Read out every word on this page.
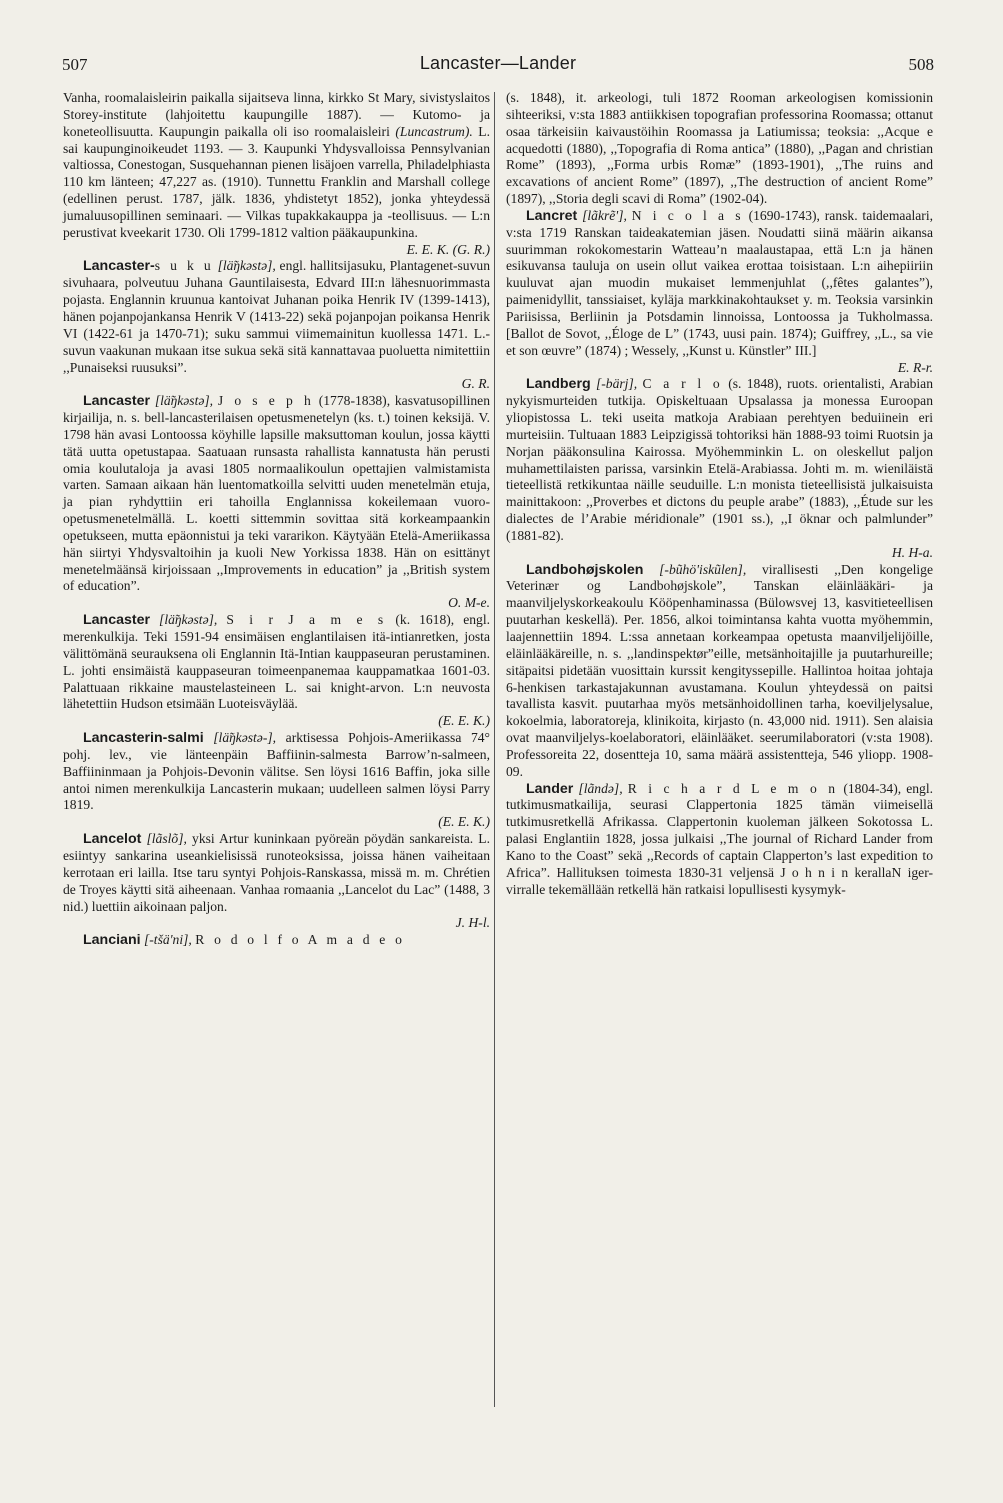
507	Lancaster—Lander	508

Vanha, roomalaisleirin paikalla sijaitseva linna, kirkko St Mary, sivistyslaitos Storey-institute (lahjoitettu kaupungille 1887). — Kutomo- ja koneteollisuutta. Kaupungin paikalla oli iso roomalaisleiri (Luncastrum). L. sai kaupunginoikeudet 1193. — 3. Kaupunki Yhdysvalloissa Pennsylvanian valtiossa, Conestogan, Susquehannan pienen lisäjoen varrella, Philadelphiasta 110 km länteen; 47,227 as. (1910). Tunnettu Franklin and Marshall college (edellinen perust. 1787, jälk. 1836, yhdistetyt 1852), jonka yhteydessä jumaluusopillinen seminaari. — Vilkas tupakkakauppa ja -teollisuus. — L:n perustivat kveekarit 1730. Oli 1799-1812 valtion pääkaupunkina.
E. E. K. (G. R.)

Lancaster-s u k u [lä̃ŋkəstə], engl. hallitsijasuku, Plantagenet-suvun sivuhaara, polveutuu Juhana Gauntilaisesta, Edvard III:n lähesnuorimmasta pojasta. Englannin kruunua kantoivat Juhanan poika Henrik IV (1399-1413), hänen pojanpojankansa Henrik V (1413-22) sekä pojanpojan poikansa Henrik VI (1422-61 ja 1470-71); suku sammui viimemainitun kuollessa 1471. L.-suvun vaakunan mukaan itse sukua sekä sitä kannattavaa puoluetta nimitettiin ,,Punaiseksi ruusuksi”.
G. R.

Lancaster [lä̃ŋkəstə], J o s e p h (1778-1838), kasvatusopillinen kirjailija, n. s. bell-lancasterilaisen opetusmenetelyn (ks. t.) toinen keksijä. V. 1798 hän avasi Lontoossa köyhille lapsille maksuttoman koulun, jossa käytti tätä uutta opetustapaa. Saatuaan runsasta rahallista kannatusta hän perusti omia koulutaloja ja avasi 1805 normaalikoulun opettajien valmistamista varten. Samaan aikaan hän luentomatkoilla selvitti uuden menetelmän etuja, ja pian ryhdyttiin eri tahoilla Englannissa kokeilemaan vuoro-opetusmenetelmällä. L. koetti sittemmin sovittaa sitä korkeampaankin opetukseen, mutta epäonnistui ja teki vararikon. Käytyään Etelä-Ameriikassa hän siirtyi Yhdysvaltoihin ja kuoli New Yorkissa 1838. Hän on esittänyt menetelmäänsä kirjoissaan ,,Improvements in education” ja ,,British system of education”.
O. M-e.

Lancaster [lä̃ŋkəstə], S i r J a m e s (k. 1618), engl. merenkulkija. Teki 1591-94 ensimäisen englantilaisen itä-intianretken, josta välittömänä seurauksena oli Englannin Itä-Intian kauppaseuran perustaminen. L. johti ensimäistä kauppaseuran toimeenpanemaa kauppamatkaa 1601-03. Palattuaan rikkaine maustelasteineen L. sai knight-arvon. L:n neuvosta lähetettiin Hudson etsimään Luoteisväylää.
(E. E. K.)

Lancasterin-salmi [lä̃ŋkəstə-], arktisessa Pohjois-Ameriikassa 74° pohj. lev., vie länteenpäin Baffiinin-salmesta Barrow’n-salmeen, Baffiininmaan ja Pohjois-Devonin välitse. Sen löysi 1616 Baffin, joka sille antoi nimen merenkulkija Lancasterin mukaan; uudelleen salmen löysi Parry 1819.
(E. E. K.)

Lancelot [lãslõ], yksi Artur kuninkaan pyöreän pöydän sankareista. L. esiintyy sankarina useankielisissä runoteoksissa, joissa hänen vaiheitaan kerrotaan eri lailla. Itse taru syntyi Pohjois-Ranskassa, missä m. m. Chrétien de Troyes käytti sitä aiheenaan. Vanhaa romaania ,,Lancelot du Lac” (1488, 3 nid.) luettiin aikoinaan paljon.
J. H-l.

Lanciani [-tšä'ni], R o d o l f o A m a d e o

(s. 1848), it. arkeologi, tuli 1872 Rooman arkeologisen komissionin sihteeriksi, v:sta 1883 antiikkisen topografian professorina Roomassa; ottanut osaa tärkeisiin kaivaustöihin Roomassa ja Latiumissa; teoksia: ,,Acque e acquedotti (1880), ,,Topografia di Roma antica” (1880), ,,Pagan and christian Rome” (1893), ,,Forma urbis Romæ” (1893-1901), ,,The ruins and excavations of ancient Rome” (1897), ,,The destruction of ancient Rome” (1897), ,,Storia degli scavi di Roma” (1902-04).

Lancret [lãkrẽ'], N i c o l a s (1690-1743), ransk. taidemaalari, v:sta 1719 Ranskan taideakatemian jäsen. Noudatti siinä määrin aikansa suurimman rokokomestarin Watteau’n maalaustapaa, että L:n ja hänen esikuvansa tauluja on usein ollut vaikea erottaa toisistaan. L:n aihepiiriin kuuluvat ajan muodin mukaiset lemmenjuhlat (,,fêtes galantes”), paimenidyllit, tanssiaiset, kyläja markkinakohtaukset y. m. Teoksia varsinkin Pariisissa, Berliinin ja Potsdamin linnoissa, Lontoossa ja Tukholmassa. [Ballot de Sovot, ,,Éloge de L” (1743, uusi pain. 1874); Guiffrey, ,,L., sa vie et son œuvre” (1874) ; Wessely, ,,Kunst u. Künstler” III.]
E. R-r.

Landberg [-bärj], C a r l o (s. 1848), ruots. orientalisti, Arabian nykyismurteiden tutkija. Opiskeltuaan Upsalassa ja monessa Euroopan yliopistossa L. teki useita matkoja Arabiaan perehtyen beduiinein eri murteisiin. Tultuaan 1883 Leipzigissä tohtoriksi hän 1888-93 toimi Ruotsin ja Norjan pääkonsulina Kairossa. Myöhemminkin L. on oleskellut paljon muhamettilaisten parissa, varsinkin Etelä-Arabiassa. Johti m. m. wieniläistä tieteellistä retkikuntaa näille seuduille. L:n monista tieteellisistä julkaisuista mainittakoon: ,,Proverbes et dictons du peuple arabe” (1883), ,,Étude sur les dialectes de l’Arabie méridionale” (1901 ss.), ,,I öknar och palmlunder” (1881-82).
H. H-a.

Landbohøjskolen [-bũhö'iskũlen], virallisesti ,,Den kongelige Veterinær og Landbohøjskole”, Tanskan eläinlääkäri- ja maanviljelyskorkeakoulu Kööpenhaminassa (Bülowsvej 13, kasvitieteellisen puutarhan keskellä). Per. 1856, alkoi toimintansa kahta vuotta myöhemmin, laajennettiin 1894. L:ssa annetaan korkeampaa opetusta maanviljelijöille, eläinlääkäreille, n. s. ,,landinspektør”eille, metsänhoitajille ja puutarhureille; sitäpaitsi pidetään vuosittain kurssit kengityssepille. Hallintoa hoitaa johtaja 6-henkisen tarkastajakunnan avustamana. Koulun yhteydessä on paitsi tavallista kasvit. puutarhaa myös metsänhoidollinen tarha, koeviljelysalue, kokoelmia, laboratoreja, klinikoita, kirjasto (n. 43,000 nid. 1911). Sen alaisia ovat maanviljelys-koelaboratori, eläinlääket. seerumilaboratori (v:sta 1908). Professoreita 22, dosentteja 10, sama määrä assistentteja, 546 yliopp. 1908-09.

Lander [lãndə], R i c h a r d L e m o n (1804-34), engl. tutkimusmatkailija, seurasi Clappertonia 1825 tämän viimeisellä tutkimusretkellä Afrikassa. Clappertonin kuoleman jälkeen Sokotossa L. palasi Englantiin 1828, jossa julkaisi ,,The journal of Richard Lander from Kano to the Coast” sekä ,,Records of captain Clapperton’s last expedition to Africa”. Hallituksen toimesta 1830-31 veljensä J o h n i n kerallaN iger-virralle tekemällään retkellä hän ratkaisi lopullisesti kysymyk-
